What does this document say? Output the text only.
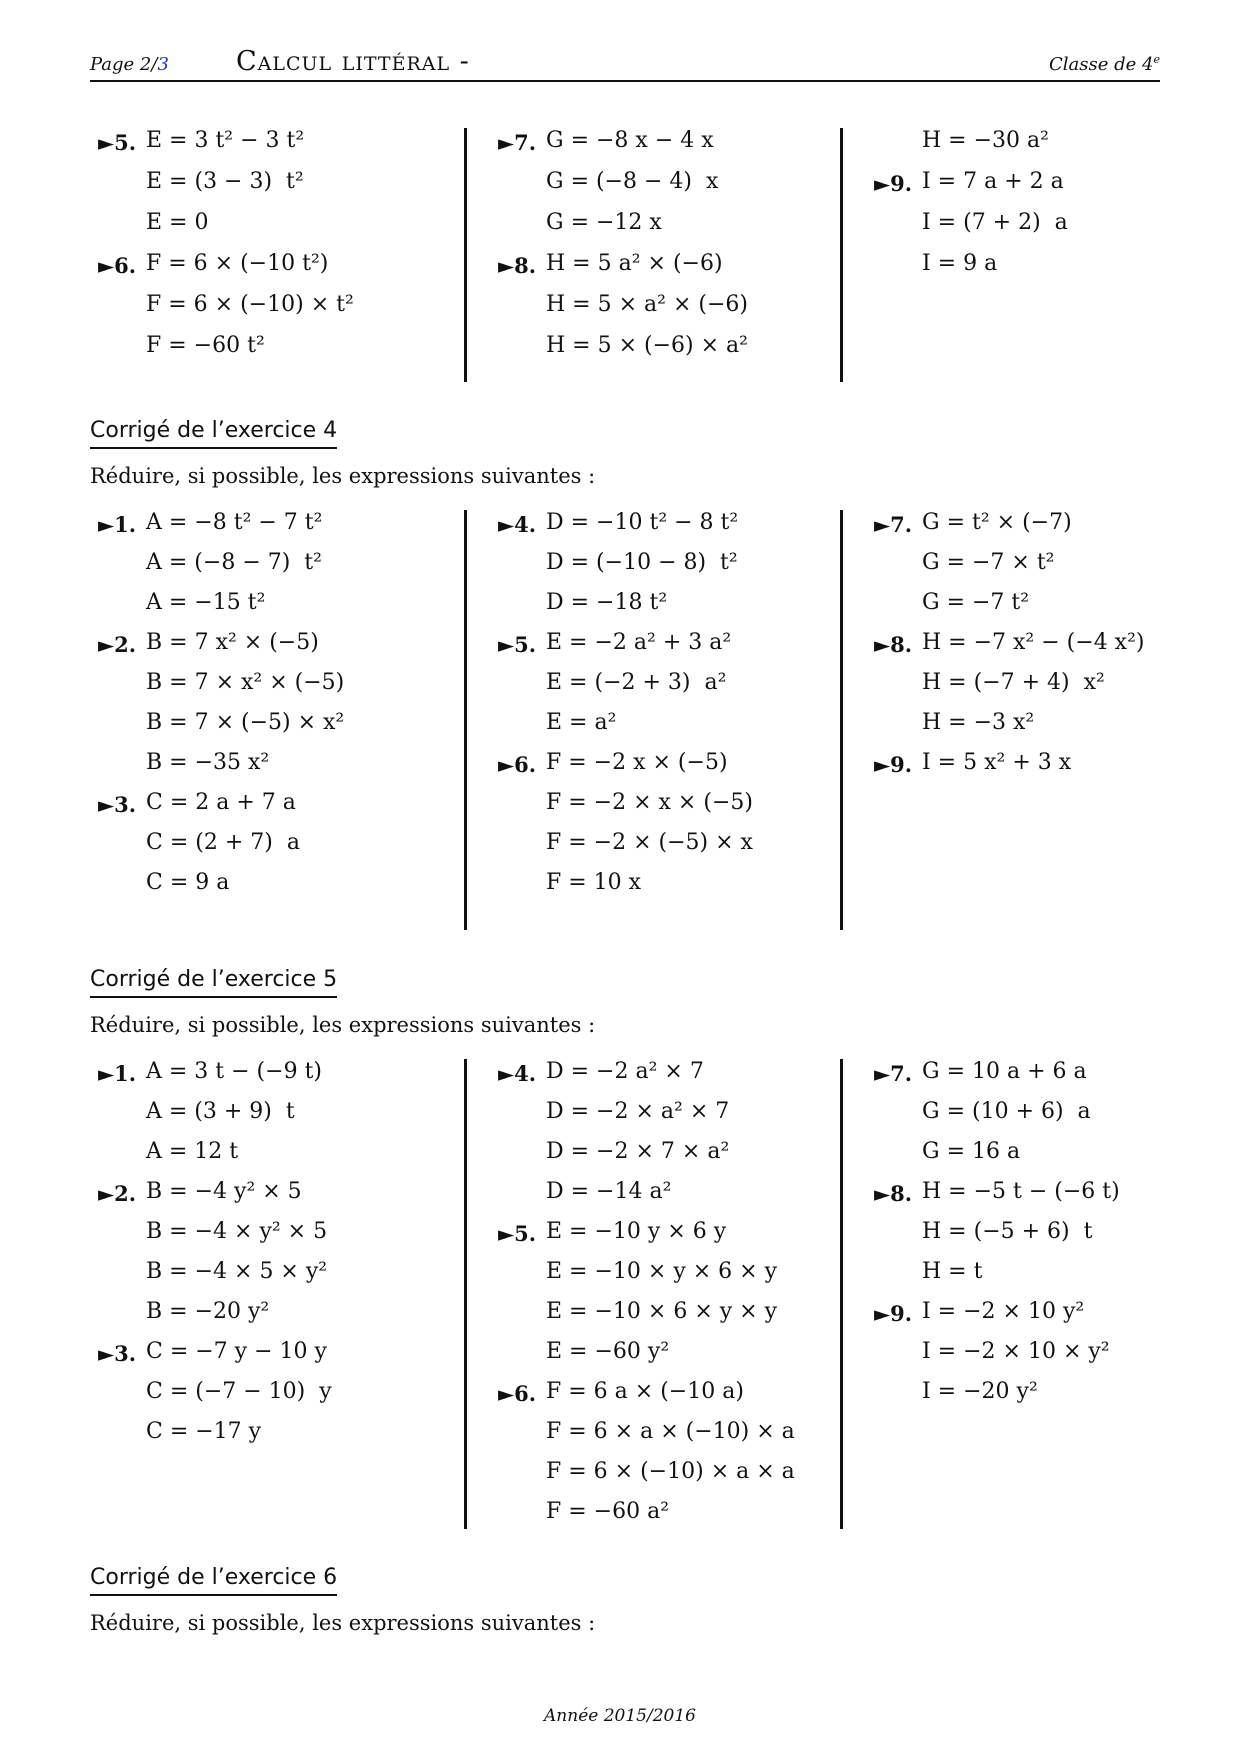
Page 2/3 Calcul littéral -	Classe de 4e
►5. E = 3 t² − 3 t²
E = (3 − 3)  t²
E = 0
►6. F = 6 × (−10 t²)
F = 6 × (−10) × t²
F = −60 t²
►7. G = −8 x − 4 x
G = (−8 − 4)  x
G = −12 x
►8. H = 5 a² × (−6)
H = 5 × a² × (−6)
H = 5 × (−6) × a²
H = −30 a²
►9. I = 7 a + 2 a
I = (7 + 2)  a
I = 9 a
Corrigé de l’exercice 4
Réduire, si possible, les expressions suivantes :
►1. A = −8 t² − 7 t²
A = (−8 − 7)  t²
A = −15 t²
►2. B = 7 x² × (−5)
B = 7 × x² × (−5)
B = 7 × (−5) × x²
B = −35 x²
►3. C = 2 a + 7 a
C = (2 + 7)  a
C = 9 a
►4. D = −10 t² − 8 t²
D = (−10 − 8)  t²
D = −18 t²
►5. E = −2 a² + 3 a²
E = (−2 + 3)  a²
E = a²
►6. F = −2 x × (−5)
F = −2 × x × (−5)
F = −2 × (−5) × x
F = 10 x
►7. G = t² × (−7)
G = −7 × t²
G = −7 t²
►8. H = −7 x² − (−4 x²)
H = (−7 + 4)  x²
H = −3 x²
►9. I = 5 x² + 3 x
Corrigé de l’exercice 5
Réduire, si possible, les expressions suivantes :
►1. A = 3 t − (−9 t)
A = (3 + 9)  t
A = 12 t
►2. B = −4 y² × 5
B = −4 × y² × 5
B = −4 × 5 × y²
B = −20 y²
►3. C = −7 y − 10 y
C = (−7 − 10)  y
C = −17 y
►4. D = −2 a² × 7
D = −2 × a² × 7
D = −2 × 7 × a²
D = −14 a²
►5. E = −10 y × 6 y
E = −10 × y × 6 × y
E = −10 × 6 × y × y
E = −60 y²
►6. F = 6 a × (−10 a)
F = 6 × a × (−10) × a
F = 6 × (−10) × a × a
F = −60 a²
►7. G = 10 a + 6 a
G = (10 + 6)  a
G = 16 a
►8. H = −5 t − (−6 t)
H = (−5 + 6)  t
H = t
►9. I = −2 × 10 y²
I = −2 × 10 × y²
I = −20 y²
Corrigé de l’exercice 6
Réduire, si possible, les expressions suivantes :
Année 2015/2016
